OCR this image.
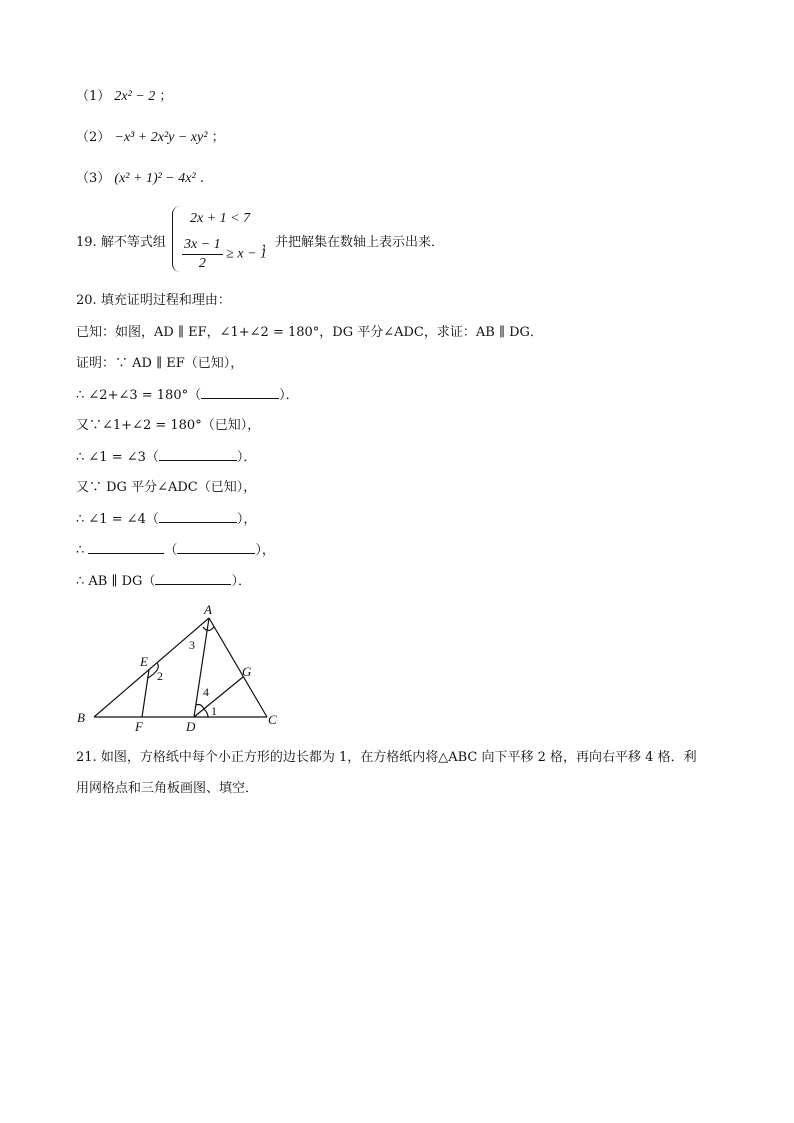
（1） 2x² − 2 ；
（2） −x³ + 2x²y − xy² ；
（3） (x² + 1)² − 4x² .
19. 解不等式组
2x + 1 < 7
$\frac{3x - 1}{2} \ge x - 1$
，并把解集在数轴上表示出来．
20. 填充证明过程和理由：
已知：如图，AD ∥ EF，∠1+∠2 = 180°，DG 平分∠ADC，求证：AB ∥ DG．
证明：∵ AD ∥ EF（已知），
∴ ∠2+∠3 = 180°（	）．
又∵∠1+∠2 = 180°（已知），
∴ ∠1 = ∠3（	）．
又∵ DG 平分∠ADC（已知），
∴ ∠1 = ∠4（	），
∴	（	），
∴ AB ∥ DG（	）．
A
B	C
D
E
F
G
1
2
3
4
21. 如图，方格纸中每个小正方形的边长都为 1，在方格纸内将△ABC 向下平移 2 格，再向右平移 4 格．利
用网格点和三角板画图、填空．
